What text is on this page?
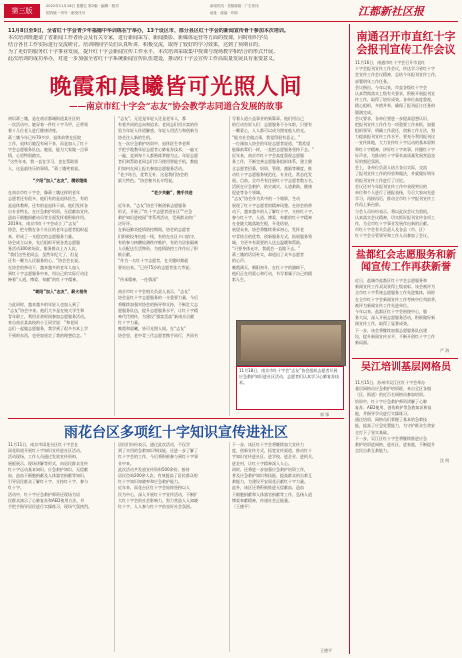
第三版
2022年11月18日 星期五 第2版 · 编辑 · 校对
国内统一刊号 · 邮发代号
新闻热线 · 投稿邮箱 · 广告热线
地址 · 邮编 · 印刷	江都新社区报
11月8日至9日，全省红十字会青少年福德中华训练在宁举办，13个设区市、部分县区红十字会的新闻宣传骨干参加本次培训。
本次培训班邀请了省新闻工作者协会及有关专家，进行新闻采写、新闻摄影、新媒体运营等方面的授课，同时组织学员
结合各自工作实际进行交流研讨。培训期间学员们认真听讲，积极交流，取得了较好的学习效果，达到了预期目的。
为了更好的服务红十字事业发展，提升红十字会新闻宣传工作水平，本次培训采取集中授课与现场教学相结合的形式开展。
此次培训的成功举办，对进一步加强全省红十字系统新闻宣传队伍建设，推动红十字会宣传工作高质量发展具有重要意义。
晚霞和晨曦皆可光照人间
——南京市红十字会“志友”协会教学志同道合发展的故事
初识蒋三娥，是在南京都城街道某社区的
一次活动中。她穿着一件红十字马甲，正带领
着十几位老人进行健康讲座。
蒋三娥今年已经70多岁，退休前曾在医院
工作，退休后她没有闲下来，而是加入了红十
字会志愿服务队伍。她说，能为大家做一点事
情，心里特别踏实。
“这些年来，我一直在学习，也在帮助别
人，这是最快乐的事情。”蒋三娥笑着说。
“夕阳”加入“志友”，精彩继续
在南京市红十字会，像蒋三娥这样的老年
志愿者还有很多。他们有的是退休医生，有的
是退休教师，还有的是退休干部。他们发挥各
自专业特长，在应急救护培训、无偿献血宣传、
造血干细胞捐献动员等方面发挥着积极作用。
2019年，南京市红十字会成立了“志友”
协会，把分散在各个社区的老年志愿者组织起
来，形成了一支稳定的志愿服务力量。
协会成立以来，先后组织开展各类志愿服
务活动300余场次，服务群众上万人次。
“我们这些老同志，虽然年纪大了，但是
还有一颗为人民服务的心。”协会会长说。
在协会的带动下，越来越多的老年人加入
到红十字志愿服务中来，用自己的实际行动诠
释着“人道、博爱、奉献”的红十字精神。
“朝阳”加入“志友”，薪火相传
与此同时，越来越多的年轻人也加入到了
“志友”协会中来。他们大多是在校大学生和
青年职工，利用业余时间参加志愿服务活动。
来自南京某高校的小王同学说：“和老同
志们一起做志愿服务，我学到了很多书本上学
不到的东西，也更加坚定了我的理想信念。”
“志友”，无论是年轻人还是老年人，都
有着共同的志向和追求。老同志们用丰富的经
验为年轻人传道解惑，年轻人用活力和创新为
协会注入新的生机。
在一次应急救护培训中，退休医生李老师
手把手地教年轻志愿者心肺复苏技术，一遍又
一遍，直到每个人都熟练掌握为止。年轻志愿
者们则帮助老同志们学习使用智能手机，教他
们如何在网上报名参加志愿服务活动。
“老少结合，优势互补，这是我们协会的
最大特色。”协会秘书长介绍说。
“老少共融”，携手共进
近年来，“志友”协会不断创新志愿服务
形式，开展了“红十字志愿者进社区”“应急
救护知识进校园”等系列活动，受到群众的广
泛好评。
在新冠肺炎疫情防控期间，协会的志愿者
们积极投身抗疫一线，有的在社区卡口值守，
有的参与核酸检测秩序维护，有的为居家隔离
人员配送生活物资，为疫情防控工作作出了积
极贡献。
“作为一名红十字志愿者，在关键时刻就
要站出来。”已经75岁的志愿者张大爷说。
“传承精神，一往情深”
南京市红十字会相关负责人表示，“志友”
协会是红十字志愿服务的一支重要力量，今后
将继续加强对协会的指导和支持，不断壮大志
愿服务队伍，提升志愿服务水平，让红十字精
神代代相传，为建设“强富美高”新南京贡献
红十字力量。
晚霞和晨曦，皆可光照人间。在“志友”
协会里，老中青三代志愿者携手同行，共同书
写着人道公益事业的新篇章。他们用自己
的行动告诉人们：志愿服务不分年龄，只要有
一颗爱心，人人都可以成为照亮他人的光。
“能为社会做点事，我觉得很有意义。”
一位刚加入协会的年轻志愿者说道，“我希望
能像前辈们一样，一直把志愿服务坚持下去。”
近年来，南京市红十字会高度重视志愿服
务工作，不断完善志愿服务组织体系，建立健
全志愿者招募、培训、管理、激励等制度，推
动红十字志愿服务规范化、专业化、常态化发
展。目前，全市共有注册红十字志愿者数万名，
活跃在应急救护、防灾减灾、人道救助、健康
促进等各个领域。
“志友”协会作为其中的一个缩影，生动
展现了红十字志愿者的精神风貌。在协会的带
动下，越来越多的人了解红十字、支持红十字、
参与红十字，人道、博爱、奉献的红十字精神
在金陵大地落地生根、开花结果。
展望未来，协会将继续秉承初心，发挥老
中青结合的优势，创新服务方式，拓展服务领
域，为更多有需要的人送去温暖和帮助。
“只要身体允许，我就会一直做下去。”
蒋三娥的话语朴实，却道出了众多志愿者
的心声。
晚霞满天，朝阳初升，在红十字的旗帜下，
他们正在用爱心和行动，书写着属于自己的精
彩人生。
11月18日，南京市红十字会“志友”协会组织志愿者开展应急救护知识进社区活动，志愿者们认真学习心肺复苏技术。
郭 锋
南通召开市直红十字会报刊宣传工作会议
11月16日，南通市红十字会召开市直红
十字会报刊宣传工作会议，传达学习省红十字
会宣传工作会议精神，总结今年报刊宣传工作，
部署明年工作任务。
会议指出，今年以来，市直各级红十字会
认真贯彻落实上级有关要求，积极开展报刊宣
传工作，取得了较好成效。各单位高度重视，
精心组织，多措并举，确保了报刊征订任务的
圆满完成。
会议要求，各单位要进一步提高思想认识，
把报刊宣传工作作为一项重要工作来抓，加强
组织领导，明确工作责任，创新工作方法，努
力提高报刊宣传工作水平。要充分利用报刊这
一宣传阵地，大力宣传红十字运动的基本原则
和红十字精神，讲好红十字故事，传播红十字
好声音，为推动红十字事业高质量发展营造良
好的舆论氛围。
会上，各单位负责人结合各自实际，交流
了报刊宣传工作的经验和做法，并就做好明年
的报刊宣传工作进行了讨论。
会议还对今年报刊宣传工作中表现突出的
单位和个人进行了通报表扬，号召大家向先进
学习，再接再厉，推动全市红十字报刊宣传工
作再上新台阶。
与会人员纷纷表示，将以此次会议为契机，
认真落实会议精神，切实抓好报刊宣传各项工
作，为全市红十字事业发展作出新的贡献。
市红十字会有关负责人及各县（市、区）
红十字会分管领导和工作人员参加了会议。
盐都红会志愿服务和新闻宣传工作再获新誉
近日，盐城市盐都区红十字会志愿服务和
新闻宣传工作双双获得上级表彰。该会被评为
全市红十字系统志愿服务工作先进集体，同时
在全市红十字会新闻宣传工作考核中位列前茅，
被评为新闻宣传工作先进单位。
今年以来，盐都区红十字会围绕中心，服
务大局，深入开展志愿服务活动，积极做好新
闻宣传工作，取得了显著成效。
下一步，该会将继续加强志愿服务队伍建
设，提升新闻宣传水平，不断开创红十字工作
新局面。
严 海
吴江培训基层网格员
11月15日，苏州市吴江区红十字会举办
基层网格员应急救护培训班，来自全区各镇
（区、街道）的近百名网格员参加培训。
培训中，红十字应急救护师资讲解了心肺
复苏、AED使用、创伤救护等急救知识和技
能，并指导学员进行实操练习。
通过培训，网格员们掌握了基本的急救技
能，提高了应急处置能力，为守护群众生命安
全打下了坚实基础。
下一步，吴江区红十字会将继续推进应急
救护培训进网格、进社区、进家庭，不断提升
全民自救互救能力。
沈 明
雨花台区多项红十字知识宣传进社区
11月11日，南京市雨花台区红十字会在
雨花街道开展红十字知识宣传进社区活动。
活动现场，工作人员通过发放宣传资料、
展板展示、现场讲解等形式，向居民群众宣传
红十字运动基本知识、应急救护知识、无偿献
血、造血干细胞捐献及人体器官捐献等知识，
引导居民群众了解红十字、支持红十字、参与
红十字。
活动中，红十字应急救护师资还现场为居
民群众演示了心肺复苏和AED使用方法，并
手把手指导居民进行实操练习，现场气氛热烈。
居民们纷纷表示，通过此次活动，不仅学
到了实用的急救知识和技能，还进一步了解了
红十字会的工作，今后将积极参与到红十字事
业中来。
此次活动共发放宣传资料500余份，接待
居民咨询200余人次，有效提高了居民群众的
红十字知识知晓率和应急救护能力。
近年来，雨花台区红十字会始终坚持以人
民为中心，深入开展红十字宣传活动，不断扩
大红十字会的社会影响力，努力营造人人知晓
红十字、人人参与红十字的良好社会氛围。
下一步，该区红十字会将继续加大宣传力
度，创新宣传方式，拓宽宣传渠道，推动红十
字知识宣传进社区、进学校、进企业、进机关、
进农村，让红十字精神深入人心。
同时，还将进一步加强应急救护培训工作，
普及应急救护知识和技能，提高群众的自救互
救能力，为建设平安雨花贡献红十字力量。
此外，该区还将积极推进无偿献血、造血
干细胞捐献和人体器官捐献等工作，弘扬人道
博爱奉献精神，传递社会正能量。
（王德平）
王德平
